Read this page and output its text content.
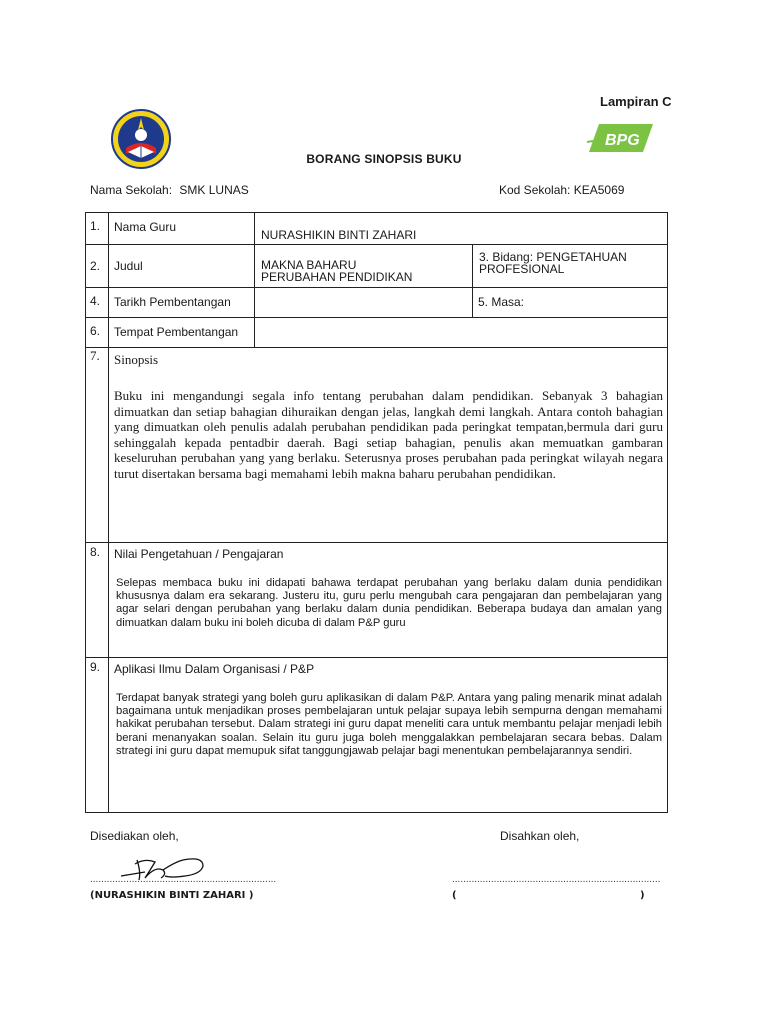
Lampiran C
BPG
BORANG SINOPSIS BUKU
Nama Sekolah: SMK LUNAS	Kod Sekolah: KEA5069
1.	Nama Guru	NURASHIKIN BINTI ZAHARI	
2.	Judul	MAKNA BAHARU PERUBAHAN PENDIDIKAN	3. Bidang: PENGETAHUAN PROFESIONAL
4.	Tarikh Pembentangan		5. Masa:
6.	Tempat Pembentangan		
7.	Sinopsis
Buku ini mengandungi segala info tentang perubahan dalam pendidikan. Sebanyak 3 bahagian dimuatkan dan setiap bahagian dihuraikan dengan jelas, langkah demi langkah. Antara contoh bahagian yang dimuatkan oleh penulis adalah perubahan pendidikan pada peringkat tempatan,bermula dari guru sehinggalah kepada pentadbir daerah. Bagi setiap bahagian, penulis akan memuatkan gambaran keseluruhan perubahan yang yang berlaku. Seterusnya proses perubahan pada peringkat wilayah negara turut disertakan bersama bagi memahami lebih makna baharu perubahan pendidikan.		

8.	Nilai Pengetahuan / Pengajaran
Selepas membaca buku ini didapati bahawa terdapat perubahan yang berlaku dalam dunia pendidikan khususnya dalam era sekarang. Justeru itu, guru perlu mengubah cara pengajaran dan pembelajaran yang agar selari dengan perubahan yang berlaku dalam dunia pendidikan. Beberapa budaya dan amalan yang dimuatkan dalam buku ini boleh dicuba di dalam P&P guru		

9.	Aplikasi Ilmu Dalam Organisasi / P&P
Terdapat banyak strategi yang boleh guru aplikasikan di dalam P&P. Antara yang paling menarik minat adalah bagaimana untuk menjadikan proses pembelajaran untuk pelajar supaya lebih sempurna dengan memahami hakikat perubahan tersebut. Dalam strategi ini guru dapat meneliti cara untuk membantu pelajar menjadi lebih berani menanyakan soalan. Selain itu guru juga boleh menggalakkan pembelajaran secara bebas. Dalam strategi ini guru dapat memupuk sifat tanggungjawab pelajar bagi menentukan pembelajarannya sendiri.		
Disediakan oleh,	Disahkan oleh,
...................................................................	...........................................................................
(NURASHIKIN BINTI ZAHARI )	(	)
